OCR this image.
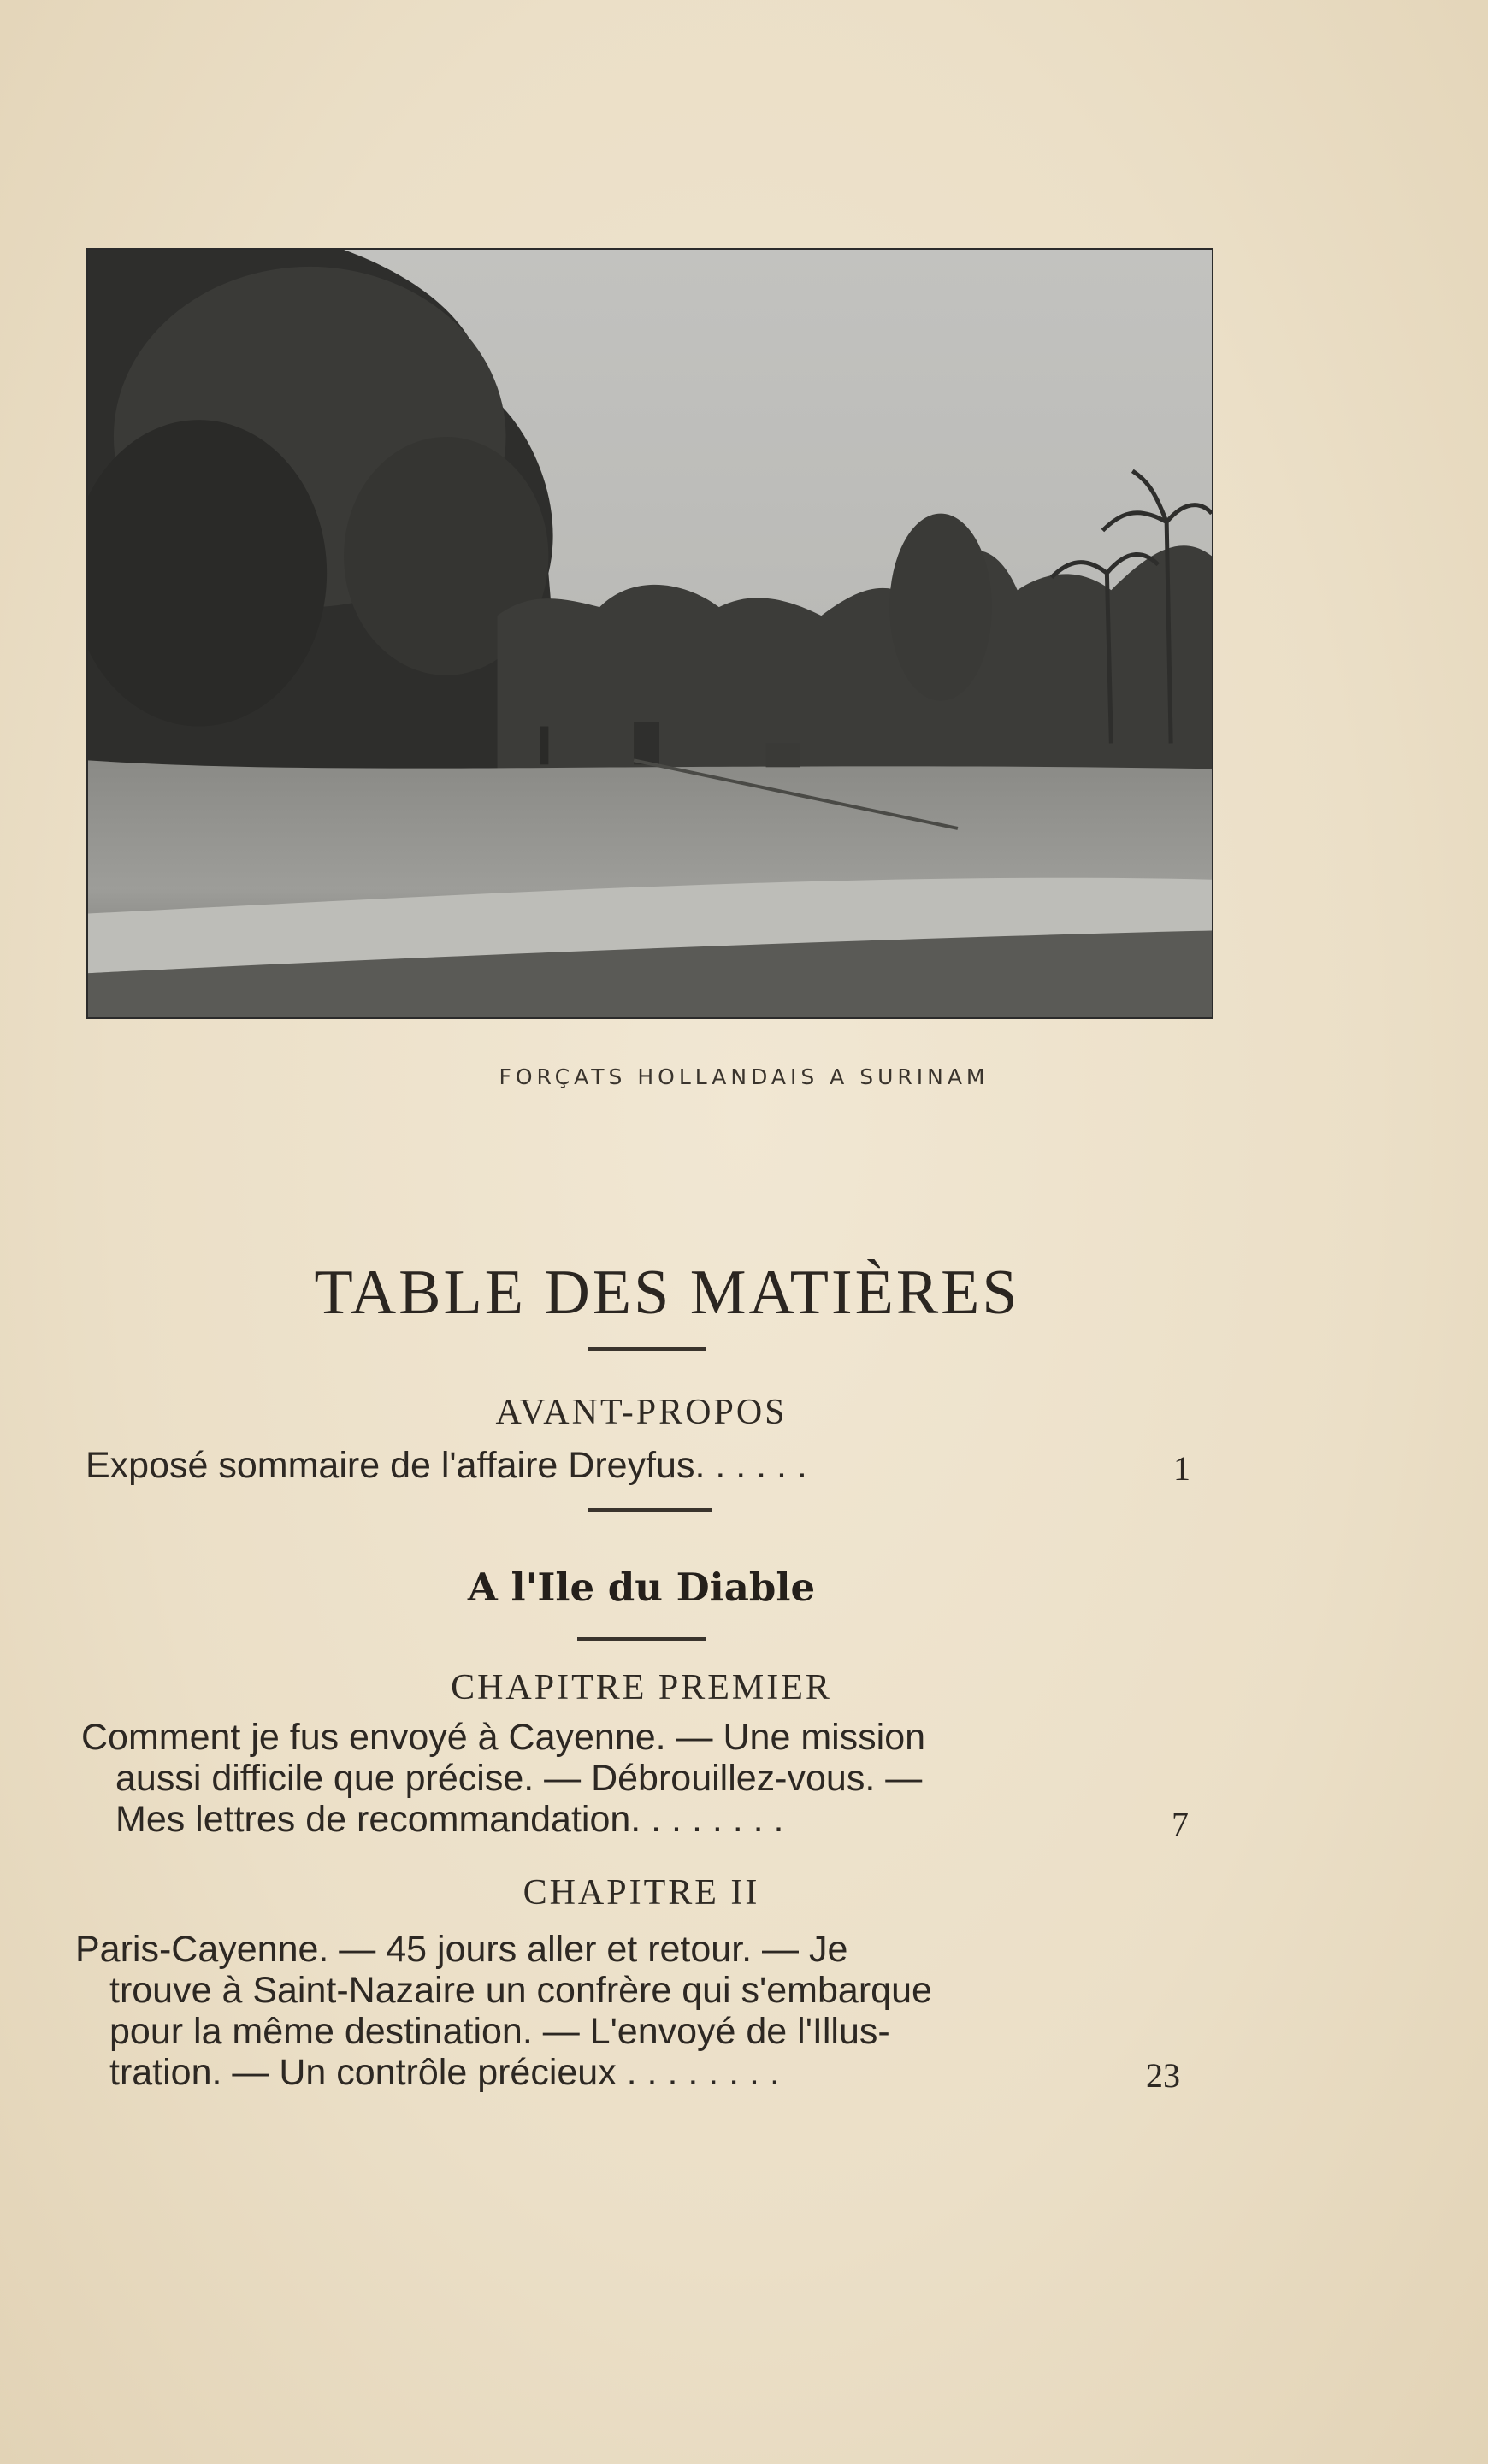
FORÇATS HOLLANDAIS A SURINAM
TABLE DES MATIÈRES
AVANT-PROPOS
Exposé sommaire de l'affaire Dreyfus. . . . . .	1
A l'Ile du Diable
CHAPITRE PREMIER
Comment je fus envoyé à Cayenne. — Une mission
aussi difficile que précise. — Débrouillez-vous. —
Mes lettres de recommandation. . . . . . . .	7
CHAPITRE II
Paris-Cayenne. — 45 jours aller et retour. — Je
trouve à Saint-Nazaire un confrère qui s'embarque
pour la même destination. — L'envoyé de l'Illus-
tration. — Un contrôle précieux . . . . . . . .	23
